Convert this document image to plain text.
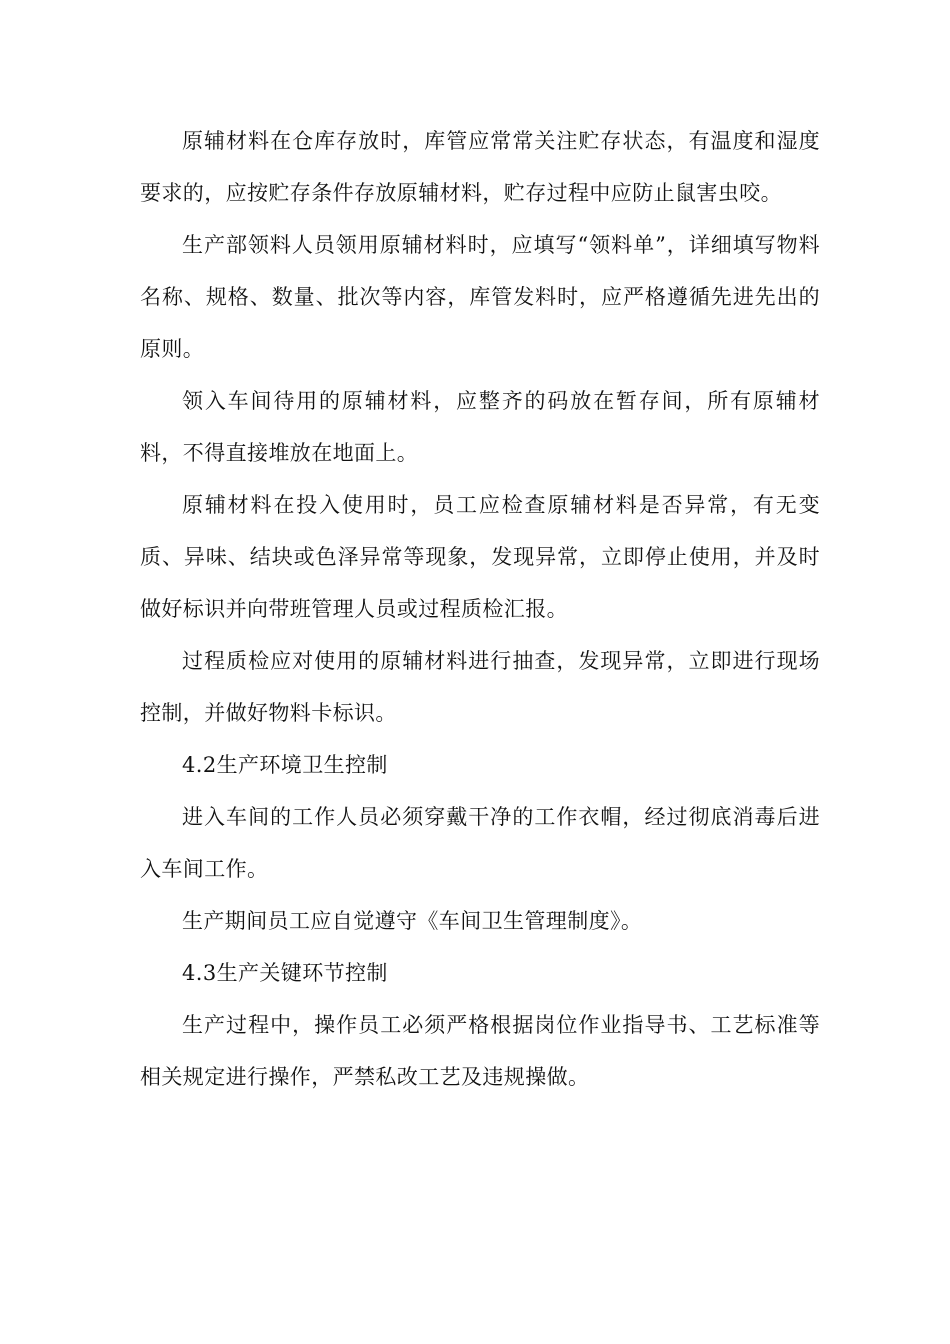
原辅材料在仓库存放时，库管应常常关注贮存状态，有温度和湿度要求的，应按贮存条件存放原辅材料，贮存过程中应防止鼠害虫咬。

生产部领料人员领用原辅材料时，应填写“领料单”，详细填写物料名称、规格、数量、批次等内容，库管发料时，应严格遵循先进先出的原则。

领入车间待用的原辅材料，应整齐的码放在暂存间，所有原辅材料，不得直接堆放在地面上。

原辅材料在投入使用时，员工应检查原辅材料是否异常，有无变质、异味、结块或色泽异常等现象，发现异常，立即停止使用，并及时做好标识并向带班管理人员或过程质检汇报。

过程质检应对使用的原辅材料进行抽查，发现异常，立即进行现场控制，并做好物料卡标识。

4.2生产环境卫生控制

进入车间的工作人员必须穿戴干净的工作衣帽，经过彻底消毒后进入车间工作。

生产期间员工应自觉遵守《车间卫生管理制度》。

4.3生产关键环节控制

生产过程中，操作员工必须严格根据岗位作业指导书、工艺标准等相关规定进行操作，严禁私改工艺及违规操做。
